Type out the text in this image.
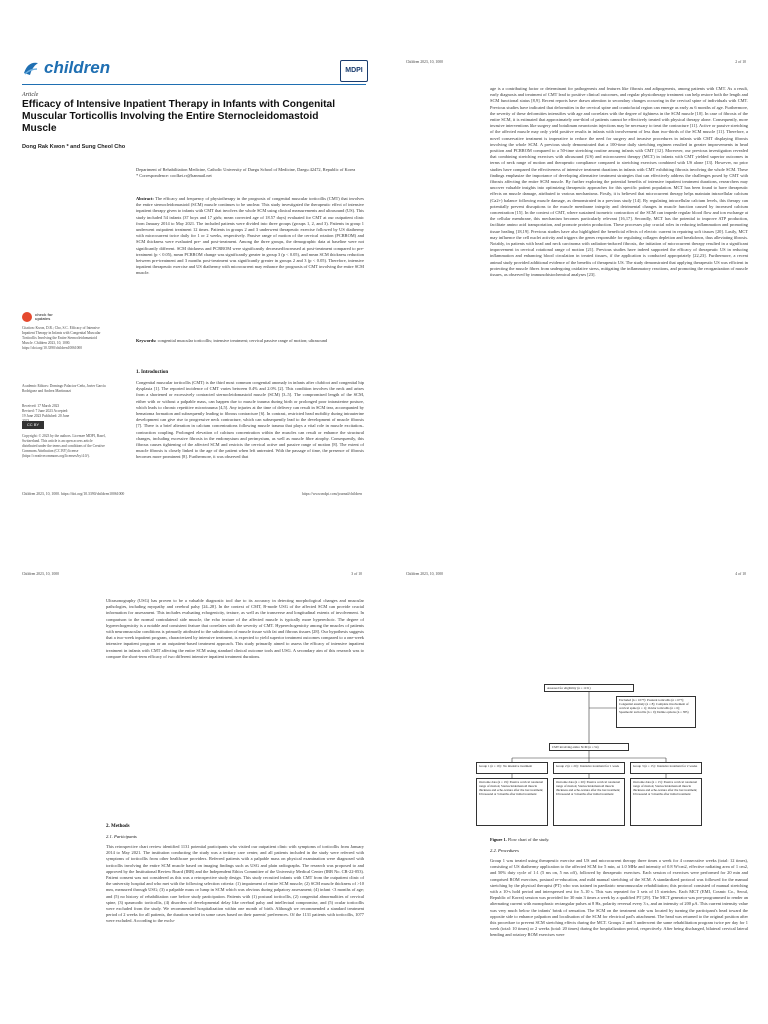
children	MDPI
Article
Efficacy of Intensive Inpatient Therapy in Infants with Congenital Muscular Torticollis Involving the Entire Sternocleidomastoid Muscle
Dong Rak Kwon * and Sung Cheol Cho
Department of Rehabilitation Medicine, Catholic University of Daegu School of Medicine, Daegu 42472, Republic of Korea
* Correspondence: coolkei.rr@hanmail.net
Abstract: The efficacy and frequency of physiotherapy in the prognosis of congenital muscular torticollis (CMT) that involves the entire sternocleidomastoid (SCM) muscle continues to be unclear. This study investigated the therapeutic effect of intensive inpatient therapy given to infants with CMT that involves the whole SCM using clinical measurements and ultrasound (US). This study included 54 infants (37 boys and 17 girls; mean corrected age of 18.57 days) evaluated for CMT at our outpatient clinic from January 2014 to May 2021. The included patients were divided into three groups (groups 1, 2, and 3). Patients in group 1 underwent outpatient treatment 12 times. Patients in groups 2 and 3 underwent therapeutic exercise followed by US diathermy with microcurrent twice daily for 1 or 2 weeks, respectively. Passive range of motion of the cervical rotation (PCRROM) and SCM thickness were evaluated pre- and post-treatment. Among the three groups, the demographic data at baseline were not significantly different. SCM thickness and PCRROM were significantly decreased/increased at post-treatment compared to pre-treatment (p < 0.05), mean PCRROM change was significantly greater in group 3 (p < 0.05), and mean SCM thickness reduction between pre-treatment and 3 months post-treatment was significantly greater in groups 2 and 3 (p < 0.05). Therefore, intensive inpatient therapeutic exercise and US diathermy with microcurrent may enhance the prognosis of CMT involving the entire SCM muscle.
Keywords: congenital muscular torticollis; intensive treatment; cervical passive range of motion; ultrasound
check for updates
Citation: Kwon, D.R.; Cho, S.C. Efficacy of Intensive Inpatient Therapy in Infants with Congenital Muscular Torticollis Involving the Entire Sternocleidomastoid Muscle. Children 2023, 10, 1000. https://doi.org/10.3390/children10061000
Academic Editors: Domingo Palacios-Ceña, Javier García Rodríguez and Andrea Martinuzzi
Received: 17 March 2023 Revised: 7 June 2023 Accepted: 19 June 2023 Published: 20 June
CC BY
Copyright: © 2023 by the authors. Licensee MDPI, Basel, Switzerland. This article is an open access article distributed under the terms and conditions of the Creative Commons Attribution (CC BY) license (https://creativecommons.org/licenses/by/4.0/).
1. Introduction
Congenital muscular torticollis (CMT) is the third most common congenital anomaly in infants after clubfoot and congenital hip dysplasia [1]. The reported incidence of CMT varies between 0.4% and 2.0% [2]. This condition involves the neck and arises from a shortened or excessively contracted sternocleidomastoid muscle (SCM) [3–5]. The compromised length of the SCM, either with or without a palpable mass, can happen due to muscle trauma during birth or prolonged poor intrauterine posture, which leads to chronic repetitive microtrauma [4,5]. Any injuries at the time of delivery can result in SCM tear, accompanied by hematoma formation and subsequently leading to fibrous contracture [6]. In contrast, restricted head mobility during intrauterine development can give rise to progressive neck contracture, which can subsequently lead to the development of muscle fibrosis [7]. There is a brief alteration in calcium concentrations following muscle trauma that plays a vital role in muscle excitation–contraction coupling. Prolonged elevation of calcium concentration within the muscles can result or enhance the structural changes, including excessive fibrosis in the endomysium and perimysium, as well as muscle fibre atrophy. Consequently, this fibrous causes tightening of the affected SCM and restricts the cervical active and passive range of motion [8]. The extent of muscle fibrosis is closely linked to the age of the patient when left untreated. With the passage of time, the presence of fibrosis becomes more prominent [8]. Furthermore, it was observed that
Children 2023, 10, 1000. https://doi.org/10.3390/children10061000	https://www.mdpi.com/journal/children
Children 2023, 10, 1000	2 of 10
age is a contributing factor or determinant for pathogenesis and features like fibrosis and adipogenesis, among patients with CMT. As a result, early diagnosis and treatment of CMT lead to positive clinical outcomes, and regular physiotherapy treatment can help restore both the length and SCM functional status [8,9]. Recent reports have drawn attention to secondary changes occurring in the cervical spine of individuals with CMT. Previous studies have indicated that deformities in the cervical spine and craniofacial region can emerge as early as 6 months of age. Furthermore, the severity of these deformities intensifies with age and correlates with the degree of tightness in the SCM muscle [10]. In case of fibrosis of the entire SCM, it is estimated that approximately one-third of patients cannot be effectively treated with physical therapy alone. Consequently, more invasive interventions like surgery and botulinum neurotoxin injections may be necessary to treat the contracture [11]. Active or passive stretching of the affected muscle may only yield positive results in infants with involvement of less than two-thirds of the SCM muscle [11]. Therefore, a novel conservative treatment is imperative to reduce the need for surgery and invasive procedures in infants with CMT displaying fibrosis involving the whole SCM. A previous study demonstrated that a 100-time daily stretching regimen resulted in greater improvements in head position and PCRROM compared to a 50-time stretching routine among infants with CMT [12]. Moreover, our previous investigation revealed that combining stretching exercises with ultrasound (US) and microcurrent therapy (MCT) in infants with CMT yielded superior outcomes in terms of neck range of motion and therapeutic compliance compared to stretching exercises combined with US alone [13]. However, no prior studies have compared the effectiveness of intensive treatment durations in infants with CMT exhibiting fibrosis involving the whole SCM. These findings emphasize the importance of developing alternative treatment strategies that can effectively address the challenges posed by CMT with fibrosis affecting the entire SCM muscle. By further exploring the potential benefits of intensive inpatient treatment durations, researchers may uncover valuable insights into optimizing therapeutic approaches for this specific patient population. MCT has been found to have therapeutic effects on muscle damage, attributed to various mechanisms. Firstly, it is believed that microcurrent therapy helps maintain intracellular calcium (Ca2+) balance following muscle damage, as demonstrated in a previous study [14]. By regulating intracellular calcium levels, this therapy can potentially prevent disruptions to the muscle membrane integrity and detrimental changes in muscle function caused by increased calcium concentration [15]. In the context of CMT, where sustained isometric contraction of the SCM can impede regular blood flow and ion exchange at the cellular membrane, this mechanism becomes particularly relevant [16,17]. Secondly, MCT has the potential to improve ATP production, facilitate amino acid transportation, and promote protein production. These processes play crucial roles in reducing inflammation and promoting tissue healing [18,19]. Previous studies have also highlighted the beneficial effects of electric current in repairing soft tissues [20]. Lastly, MCT may influence the cell nuclei activity and triggers the genes responsible for regulating collagen depletion and breakdown, thus alleviating fibrosis. Notably, in patients with head and neck carcinoma with radiation-induced fibrosis, the initiation of microcurrent therapy resulted in a significant improvement in cervical rotational range of motion [21]. Previous studies have indeed supported the efficacy of therapeutic US in reducing inflammation and enhancing blood circulation in treated tissues, if the application is conducted appropriately [22,23]. Furthermore, a recent animal study provided additional evidence of the benefits of therapeutic US. The study demonstrated that applying therapeutic US was efficient in protecting the muscle fibres from undergoing oxidative stress, mitigating the inflammatory reactions, and promoting the reorganization of muscle tissues, as observed by immunohistochemical analyses [23].
Children 2023, 10, 1000	3 of 10
Ultrasonography (USG) has proven to be a valuable diagnostic tool due to its accuracy in detecting morphological changes and muscular pathologies, including myopathy and cerebral palsy [24–28]. In the context of CMT, B-mode USG of the affected SCM can provide crucial information for assessment. This includes evaluating echogenicity, texture, as well as the transverse and longitudinal extents of involvement. In comparison to the normal contralateral side muscle, the echo texture of the affected muscle is typically more hyperechoic. The degree of hyperechogenicity is a notable and consistent feature that correlates with the severity of CMT. Hyperechogenicity among the muscles of patients with neuromuscular conditions is primarily attributed to the substitution of muscle tissue with fat and fibrous tissues [28]. Our hypothesis suggests that a two-week inpatient program, characterized by intensive treatment, is expected to yield superior treatment outcomes compared to a one-week intensive inpatient program or an outpatient-based treatment approach. This study primarily aimed to assess the efficacy of intensive inpatient treatment in infants with CMT affecting the entire SCM using standard clinical outcome tools and USG. A secondary aim of this research was to compare the short-term efficacy of two different intensive inpatient treatment durations.
2. Methods
2.1. Participants
This retrospective chart review identified 1131 potential participants who visited our outpatient clinic with symptoms of torticollis from January 2014 to May 2021. The institution conducting the study was a tertiary care center, and all patients included in the study were referred with symptoms of torticollis from other healthcare providers. Referred patients with a palpable mass on physical examination were diagnosed with torticollis involving the entire SCM muscle based on imaging findings such as USG and plain radiographs. The research was proposed to and approved by the Institutional Review Board (IRB) and the Independent Ethics Committee of the University Medical Center (IRB No. CR-22-053). Patient consent was not considered as this was a retrospective study design. This study recruited infants with CMT from the outpatient clinic of the university hospital and who met with the following selection criteria: (1) impairment of entire SCM muscle; (2) SCM muscle thickness of >10 mm, measured through USG; (3) a palpable mass or lump in SCM which was obvious during palpatory assessment; (4) infant <3 months of age; and (5) no history of rehabilitation care before study participation. Patients with (1) postural torticollis, (2) congenital abnormalities of cervical spine, (3) spasmodic torticollis, (4) disorders of developmental delay like cerebral palsy and intellectual compromise, and (5) ocular torticollis were excluded from the study. We recommended hospitalization within one month of birth. Although we recommended a standard treatment period of 2 weeks for all patients, the duration varied in some cases based on their parents' preferences. Of the 1131 patients with torticollis, 1077 were excluded. According to the exclu-
Children 2023, 10, 1000	4 of 10
Assessed for eligibility (n = 1131)
Excluded (n = 1077): Postural torticollis (n = 677); Congenital anomaly (n = 8); Complete involvement of cervical spine (n = 1); Ocular torticollis (n = 6); Spasmodic torticollis (n = 0); Deline options (n = 385)
CMT involving entire SCM (n = 54)
Group 1 (n = 19) : No intensive treatment	Group 2 (n = 20) : Intensive treatment for 1 week	Group 3 (n = 15) : Intensive treatment for 2 weeks
Outcome data (n = 19): Passive cervical rotational range of motion; Sternocleidomastoid muscle thickness and echo-texture after the last treatment; Ultrasound at 3 months after initial treatment
Outcome data (n = 20): Passive cervical rotational range of motion; Sternocleidomastoid muscle thickness and echo-texture after the last treatment; Ultrasound at 3 months after initial treatment
Outcome data (n = 15): Passive cervical rotational range of motion; Sternocleidomastoid muscle thickness and echo-texture after the last treatment; Ultrasound at 3 months after initial treatment
Figure 1. Flow chart of the study.
2.2. Procedures
Group 1 was treated using therapeutic exercise and US and microcurrent therapy three times a week for 4 consecutive weeks (total: 12 times), consisting of US diathermy application to the affected SCM for 5 min, at 1.0 MHz and intensity of 0.8 W/cm2, effective radiating area of 1 cm2, and 50% duty cycle of 1:1 (5 ms on, 5 ms off), followed by therapeutic exercises. Each session of exercises were performed for 20 min and comprised ROM exercises, postural re-education, and mild manual stretching of the SCM. A standardized protocol was followed for the manual stretching by the physical therapist (PT) who was trained in paediatric neuromuscular rehabilitation; this protocol consisted of manual stretching with a 10-s hold period and interspersed rest for 5–10 s. This was repeated for 3 sets of 15 stretches. Each MCT (EMI, Cosmic Co., Seoul, Republic of Korea) session was provided for 30 min 3 times a week by a qualified PT [29]. The MCT generator was pre-programmed to render an alternating current with monophasic rectangular pulses at 8 Hz, polarity reversal every 3 s, and an intensity of 200 μA. This current intensity value was very much below the infants' brink of sensation. The SCM on the treatment side was located by turning the participant's head toward the opposite side to enhance palpation and localisation of the SCM for electrical pad's attachment. The head was returned to the original position after this procedure to prevent SCM stretching effects during the MCT. Groups 2 and 3 underwent the same rehabilitation program twice per day for 1 week (total: 10 times) or 2 weeks (total: 20 times) during the hospitalization period, respectively. After being discharged, bilateral cervical lateral bending and rotatory ROM exercises were
